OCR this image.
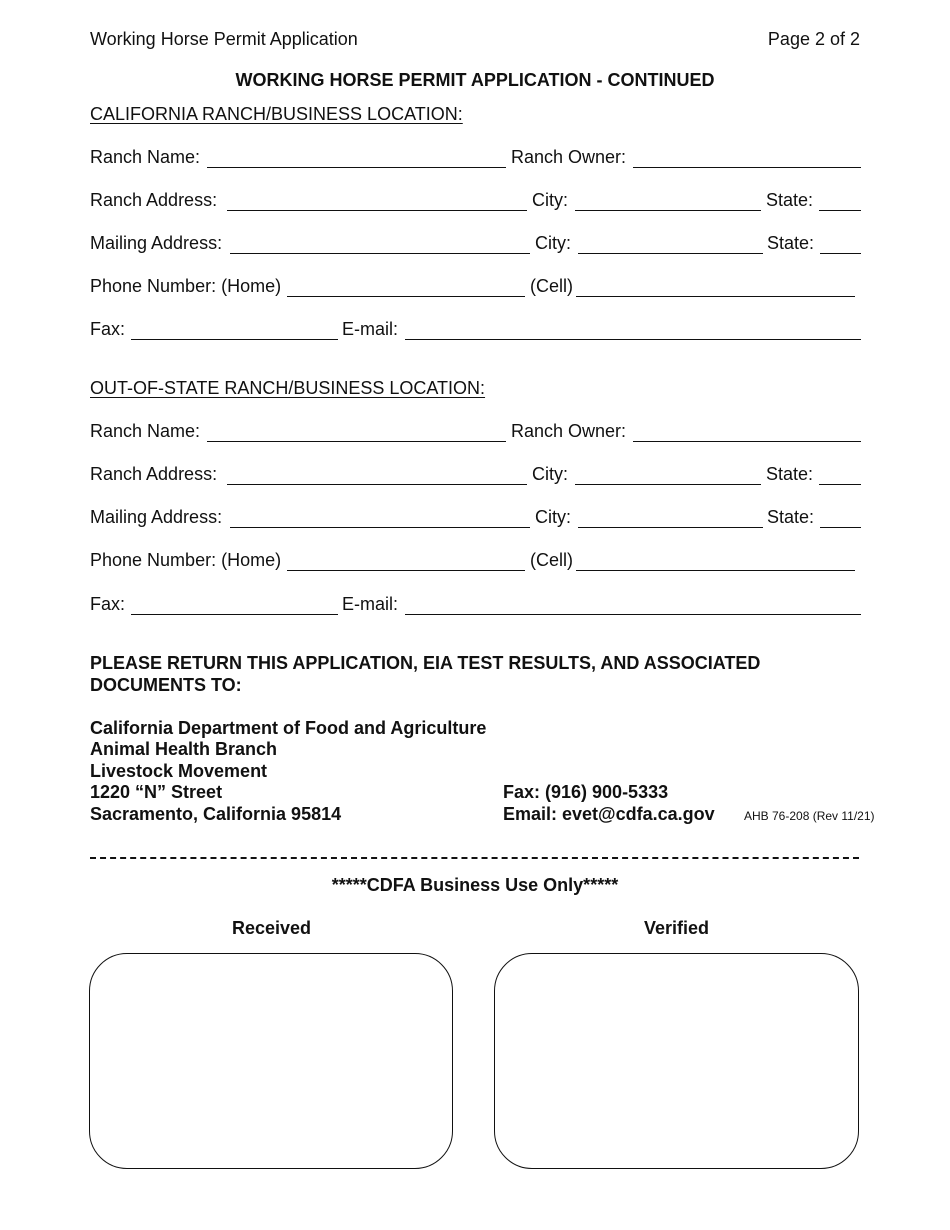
Working Horse Permit Application	Page 2 of 2
WORKING HORSE PERMIT APPLICATION - CONTINUED
CALIFORNIA RANCH/BUSINESS LOCATION:
Ranch Name:	Ranch Owner:
Ranch Address:	City:	State:
Mailing Address:	City:	State:
Phone Number: (Home)	(Cell)
Fax:	E-mail:
OUT-OF-STATE RANCH/BUSINESS LOCATION:
Ranch Name:	Ranch Owner:
Ranch Address:	City:	State:
Mailing Address:	City:	State:
Phone Number: (Home)	(Cell)
Fax:	E-mail:
PLEASE RETURN THIS APPLICATION, EIA TEST RESULTS, AND ASSOCIATED
DOCUMENTS TO:
California Department of Food and Agriculture
Animal Health Branch
Livestock Movement
1220 “N” Street
Sacramento, California 95814
Fax: (916) 900-5333
Email: evet@cdfa.ca.gov AHB 76-208 (Rev 11/21)
*****CDFA Business Use Only*****
Received	Verified
